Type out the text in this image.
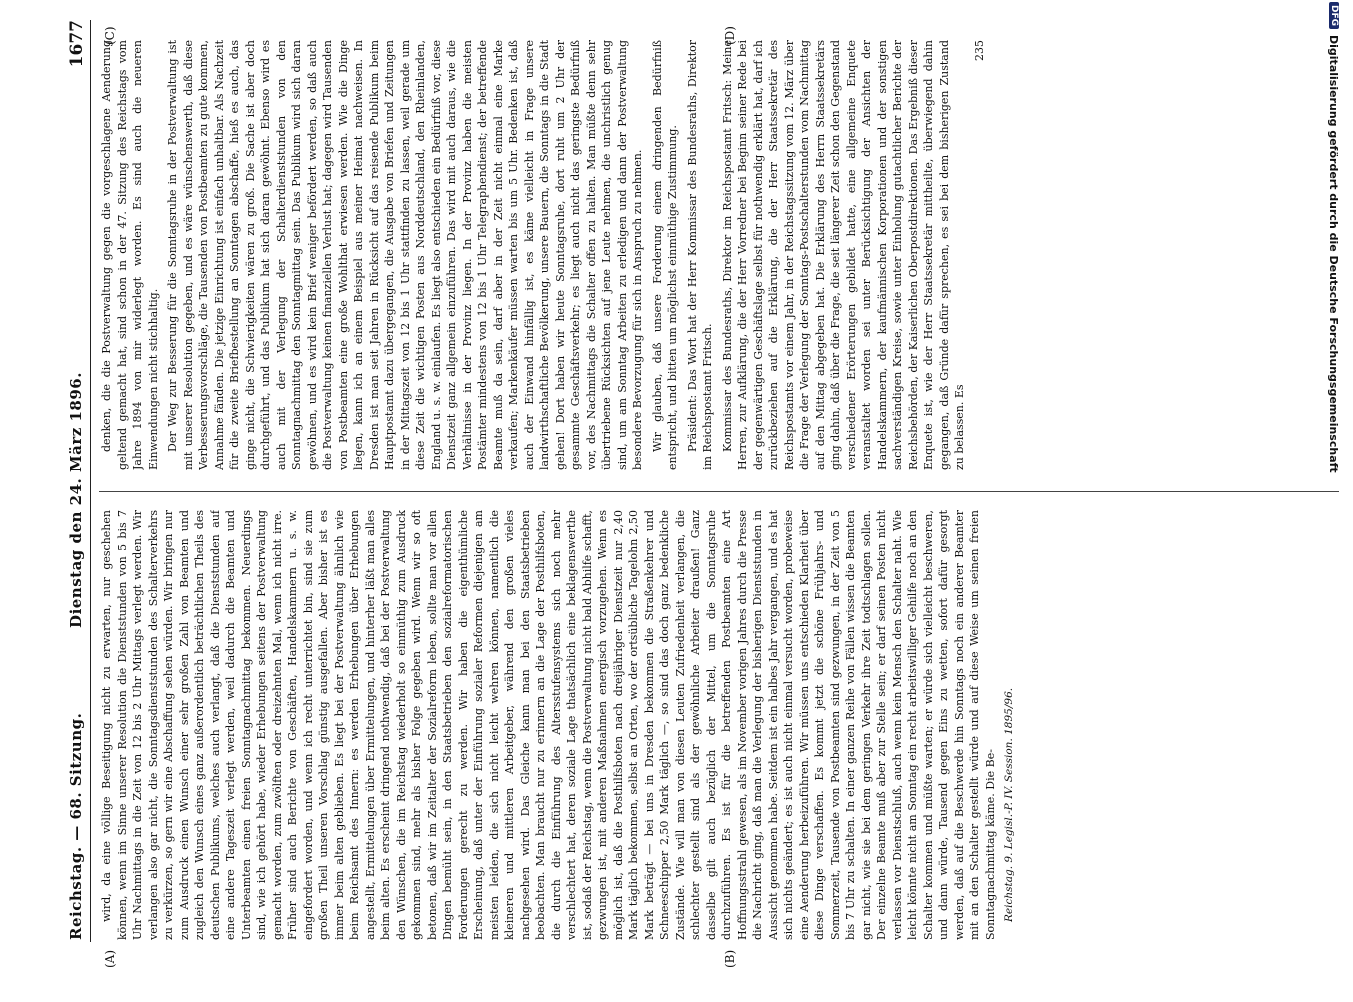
Reichstag. — 68. Sitzung.
Dienstag den 24. März 1896.
1677
(A)	(B)
(C)	(D)

wird, da eine völlige Beseitigung nicht zu erwarten, nur geschehen können, wenn im Sinne unserer Resolution die Dienststunden von 5 bis 7 Uhr Nachmittags in die Zeit von 12 bis 2 Uhr Mittags verlegt werden. Wir verlangen also gar nicht, die Sonntagsdienststunden des Schalterverkehrs zu verkürzen, so gern wir eine Abschaffung sehen würden. Wir bringen nur zum Ausdruck einen Wunsch einer sehr großen Zahl von Beamten und zugleich den Wunsch eines ganz außerordentlich beträchtlichen Theils des deutschen Publikums, welches auch verlangt, daß die Dienststunden auf eine andere Tageszeit verlegt werden, weil dadurch die Beamten und Unterbeamten einen freien Sonntagnachmittag bekommen. Neuerdings sind, wie ich gehört habe, wieder Erhebungen seitens der Postverwaltung gemacht worden, zum zwölften oder dreizehnten Mal, wenn ich nicht irre. Früher sind auch Berichte von Geschäften, Handelskammern u. s. w. eingefordert worden, und wenn ich recht unterrichtet bin, sind sie zum großen Theil unseren Vorschlag günstig ausgefallen. Aber bisher ist es immer beim alten geblieben. Es liegt bei der Postverwaltung ähnlich wie beim Reichsamt des Innern: es werden Erhebungen über Erhebungen angestellt, Ermittelungen über Ermittelungen, und hinterher läßt man alles beim alten. Es erscheint dringend nothwendig, daß bei der Postverwaltung den Wünschen, die im Reichstag wiederholt so einmüthig zum Ausdruck gekommen sind, mehr als bisher Folge gegeben wird. Wenn wir so oft betonen, daß wir im Zeitalter der Sozialreform leben, sollte man vor allen Dingen bemüht sein, in den Staatsbetrieben den sozialreformatorischen Forderungen gerecht zu werden. Wir haben die eigenthümliche Erscheinung, daß unter der Einführung sozialer Reformen diejenigen am meisten leiden, die sich nicht leicht wehren können, namentlich die kleineren und mittleren Arbeitgeber, während den großen vieles nachgesehen wird. Das Gleiche kann man bei den Staatsbetrieben beobachten. Man braucht nur zu erinnern an die Lage der Posthilfsboten, die durch die Einführung des Altersstufensystems sich noch mehr verschlechtert hat, deren soziale Lage thatsächlich eine beklagenswerthe ist, sodaß der Reichstag, wenn die Postverwaltung nicht bald Abhilfe schafft, gezwungen ist, mit anderen Maßnahmen energisch vorzugehen. Wenn es möglich ist, daß die Posthilfsboten nach dreijähriger Dienstzeit nur 2,40 Mark täglich bekommen, selbst an Orten, wo der ortsübliche Tagelohn 2,50 Mark beträgt — bei uns in Dresden bekommen die Straßenkehrer und Schneeschipper 2,50 Mark täglich —, so sind das doch ganz bedenkliche Zustände. Wie will man von diesen Leuten Zufriedenheit verlangen, die schlechter gestellt sind als der gewöhnliche Arbeiter draußen! Ganz dasselbe gilt auch bezüglich der Mittel, um die Sonntagsruhe durchzuführen. Es ist für die betreffenden Postbeamten eine Art Hoffnungsstrahl gewesen, als im November vorigen Jahres durch die Presse die Nachricht ging, daß man die Verlegung der bisherigen Dienststunden in Aussicht genommen habe. Seitdem ist ein halbes Jahr vergangen, und es hat sich nichts geändert; es ist auch nicht einmal versucht worden, probeweise eine Aenderung herbeizuführen. Wir müssen uns entschieden Klarheit über diese Dinge verschaffen. Es kommt jetzt die schöne Frühjahrs- und Sommerzeit, Tausende von Postbeamten sind gezwungen, in der Zeit von 5 bis 7 Uhr zu schalten. In einer ganzen Reihe von Fällen wissen die Beamten gar nicht, wie sie bei dem geringen Verkehr ihre Zeit todtschlagen sollen. Der einzelne Beamte muß aber zur Stelle sein; er darf seinen Posten nicht verlassen vor Dienstschluß, auch wenn kein Mensch den Schalter naht. Wie leicht könnte nicht am Sonntag ein recht arbeitswilliger Gehilfe noch an den Schalter kommen und müßte warten; er würde sich vielleicht beschweren, und dann würde, Tausend gegen Eins zu wetten, sofort dafür gesorgt werden, daß auf die Beschwerde hin Sonntags noch ein anderer Beamter mit an den Schalter gestellt würde und auf diese Weise um seinen freien Sonntagnachmittag käme. Die Be- Reichstag. 9. Legisl.-P. IV. Session. 1895/96.

denken, die die Postverwaltung gegen die vorgeschlagene Aenderung geltend gemacht hat, sind schon in der 47. Sitzung des Reichstags vom Jahre 1894 von mir widerlegt worden. Es sind auch die neueren Einwendungen nicht stichhaltig. Der Weg zur Besserung für die Sonntagsruhe in der Postverwaltung ist mit unserer Resolution gegeben, und es wäre wünschenswerth, daß diese Verbesserungsvorschläge, die Tausenden von Postbeamten zu gute kommen, Annahme fänden. Die jetzige Einrichtung ist einfach unhaltbar. Als Nachzeit für die zweite Briefbestellung an Sonntagen abschaffe, hieß es auch, das ginge nicht, die Schwierigkeiten wären zu groß. Die Sache ist aber doch durchgeführt, und das Publikum hat sich daran gewöhnt. Ebenso wird es auch mit der Verlegung der Schalterdienststunden von den Sonntagnachmittag den Sonntagmittag sein. Das Publikum wird sich daran gewöhnen, und es wird kein Brief weniger befördert werden, so daß auch die Postverwaltung keinen finanziellen Verlust hat; dagegen wird Tausenden von Postbeamten eine große Wohlthat erwiesen werden. Wie die Dinge liegen, kann ich an einem Beispiel aus meiner Heimat nachweisen. In Dresden ist man seit Jahren in Rücksicht auf das reisende Publikum beim Hauptpostamt dazu übergegangen, die Ausgabe von Briefen und Zeitungen in der Mittagszeit von 12 bis 1 Uhr stattfinden zu lassen, weil gerade um diese Zeit die wichtigen Posten aus Norddeutschland, den Rheinlanden, England u. s. w. einlaufen. Es liegt also entschieden ein Bedürfniß vor, diese Dienstzeit ganz allgemein einzuführen. Das wird mit auch daraus, wie die Verhältnisse in der Provinz liegen. In der Provinz haben die meisten Postämter mindestens von 12 bis 1 Uhr Telegraphendienst; der betreffende Beamte muß da sein, darf aber in der Zeit nicht einmal eine Marke verkaufen; Markenkäufer müssen warten bis um 5 Uhr. Bedenken ist, daß auch der Einwand hinfällig ist, es käme vielleicht in Frage unsere landwirthschaftliche Bevölkerung, unsere Bauern, die Sonntags in die Stadt gehen! Dort haben wir heute Sonntagsruhe, dort ruht um 2 Uhr der gesammte Geschäftsverkehr; es liegt auch nicht das geringste Bedürfniß vor, des Nachmittags die Schalter offen zu halten. Man müßte denn sehr übertriebene Rücksichten auf jene Leute nehmen, die unchristlich genug sind, um am Sonntag Arbeiten zu erledigen und dann der Postverwaltung besondere Bevorzugung für sich in Anspruch zu nehmen. Wir glauben, daß unsere Forderung einem dringenden Bedürfniß entspricht, und bitten um möglichst einmüthige Zustimmung. Präsident: Das Wort hat der Herr Kommissar des Bundesraths, Direktor im Reichspostamt Fritsch. Kommissar des Bundesraths, Direktor im Reichspostamt Fritsch: Meine Herren, zur Aufklärung, die der Herr Vorredner bei Beginn seiner Rede bei der gegenwärtigen Geschäftslage selbst für nothwendig erklärt hat, darf ich zurückbeziehen auf die Erklärung, die der Herr Staatssekretär des Reichspostamts vor einem Jahr, in der Reichstagssitzung vom 12. März über die Frage der Verlegung der Sonntags-Postschalterstunden vom Nachmittag auf den Mittag abgegeben hat. Die Erklärung des Herrn Staatssekretärs ging dahin, daß über die Frage, die seit längerer Zeit schon den Gegenstand verschiedener Erörterungen gebildet hatte, eine allgemeine Enquete veranstaltet worden sei unter Berücksichtigung der Ansichten der Handelskammern, der kaufmännischen Korporationen und der sonstigen sachverständigen Kreise, sowie unter Einholung gutachtlicher Berichte der Reichsbehörden, der Kaiserlichen Oberpostdirektionen. Das Ergebniß dieser Enquete ist, wie der Herr Staatssekretär mittheilte, überwiegend dahin gegangen, daß Gründe dafür sprechen, es sei bei dem bisherigen Zustand zu belassen. Es

235
DFG
Digitalisierung gefördert durch die Deutsche Forschungsgemeinschaft
